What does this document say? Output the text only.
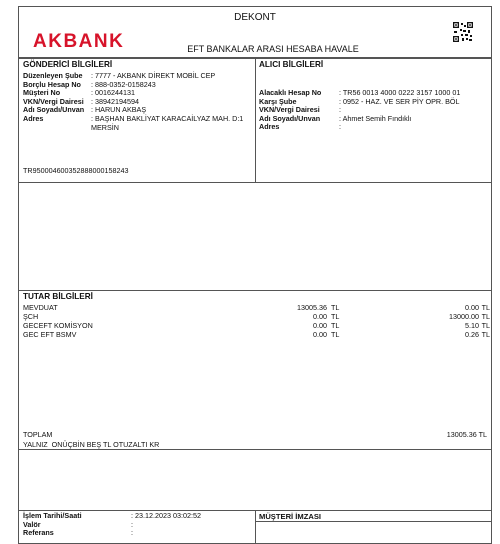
AKBANK
DEKONT
EFT BANKALAR ARASI HESABA HAVALE
GÖNDERİCİ BİLGİLERİ
Düzenleyen Şube	: 7777 - AKBANK DİREKT MOBİL CEP
Borçlu Hesap No	: 888-0352-0158243
Müşteri No	: 0016244131
VKN/Vergi Dairesi	: 38942194594
Adı Soyadı/Unvan : HARUN AKBAŞ
Adres	: BAŞHAN BAKLİYAT KARACAİLYAZ MAH. D:1    MERSİN
ALICI BİLGİLERİ
Alacaklı Hesap No	: TR56 0013 4000 0222 3157 1000 01
Karşı Şube	: 0952 - HAZ. VE SER PİY OPR. BÖL
VKN/Vergi Dairesi	:
Adı Soyadı/Unvan	: Ahmet Semih Fındıklı
Adres	:
TR950004600352888000158243
TUTAR BİLGİLERİ
MEVDUAT	13005.36 TL	0.00 TL
ŞCH	0.00 TL	13000.00 TL
GECEFT KOMİSYON	0.00 TL	5.10 TL
GEC EFT BSMV	0.00 TL	0.26 TL
TOPLAM	13005.36 TL
YALNIZ  ONÜÇBİN BEŞ TL OTUZALTI KR
İşlem Tarihi/Saati	: 23.12.2023 03:02:52
Valör	:
Referans	:
MÜŞTERİ İMZASI
